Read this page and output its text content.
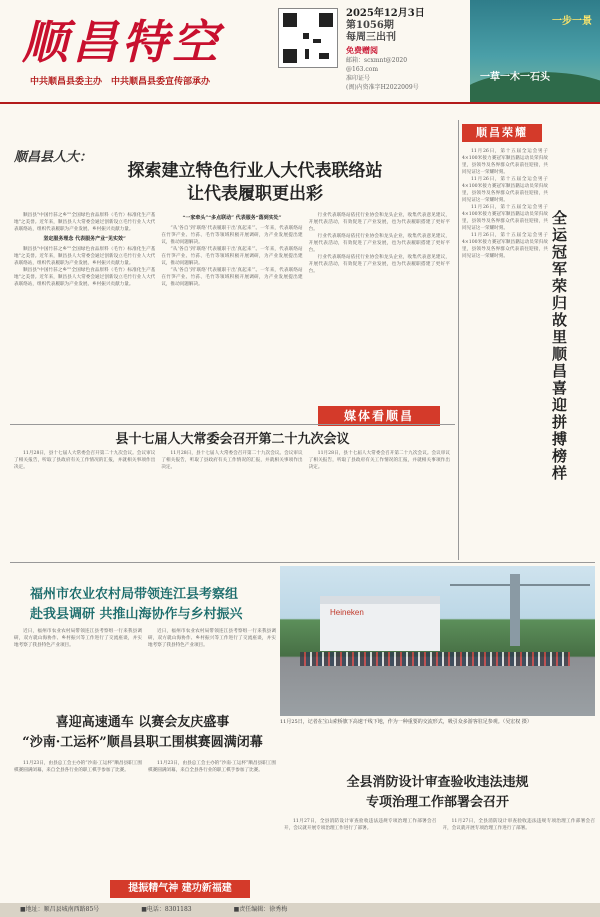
顺昌特空
中共顺昌县委主办　中共顺昌县委宣传部承办
2025年12月3日
第1056期
每周三出刊
免费赠阅
邮箱：scxmnt@2020
@163.com
准印证号
(闽)内资准字H2022009号
一步一景
一草一木一石头
顺昌县人大：
探索建立特色行业人大代表联络站
让代表履职更出彩

顺昌县"中国竹荪之乡""全国绿色食品原料（毛竹）标准化生产基地"之美誉。近年来，顺昌县人大常委会通过创新设立毛竹行业人大代表联络站，组织代表履职为产业发展、乡村振兴贡献力量。

坚定服务理念 代表服务产业“见实效”

顺昌县"中国竹荪之乡""全国绿色食品原料（毛竹）标准化生产基地"之美誉。近年来，顺昌县人大常委会通过创新设立毛竹行业人大代表联络站，组织代表履职为产业发展、乡村振兴贡献力量。

顺昌县"中国竹荪之乡""全国绿色食品原料（毛竹）标准化生产基地"之美誉。近年来，顺昌县人大常委会通过创新设立毛竹行业人大代表联络站，组织代表履职为产业发展、乡村振兴贡献力量。

“一家牵头”“多点联动” 代表服务“落到实处”

“从‘各自’到‘联络’代表履职干出‘真起来’”。一年来，代表联络站在竹笋产业、竹荪、毛竹等领域积极开展调研，为产业发展提出建议，推动问题解决。

“从‘各自’到‘联络’代表履职干出‘真起来’”。一年来，代表联络站在竹笋产业、竹荪、毛竹等领域积极开展调研，为产业发展提出建议，推动问题解决。

“从‘各自’到‘联络’代表履职干出‘真起来’”。一年来，代表联络站在竹笋产业、竹荪、毛竹等领域积极开展调研，为产业发展提出建议，推动问题解决。

行业代表联络站依托行业协会和龙头企业，收集代表意见建议，开展代表活动，有效促进了产业发展，也为代表履职搭建了更好平台。

行业代表联络站依托行业协会和龙头企业，收集代表意见建议，开展代表活动，有效促进了产业发展，也为代表履职搭建了更好平台。

行业代表联络站依托行业协会和龙头企业，收集代表意见建议，开展代表活动，有效促进了产业发展，也为代表履职搭建了更好平台。

媒体看顺昌
县十七届人大常委会召开第二十九次会议

11月28日，县十七届人大常委会召开第二十九次会议。会议审议了相关报告，听取了县政府有关工作情况的汇报，并就相关事项作出决定。

11月28日，县十七届人大常委会召开第二十九次会议。会议审议了相关报告，听取了县政府有关工作情况的汇报，并就相关事项作出决定。

11月28日，县十七届人大常委会召开第二十九次会议。会议审议了相关报告，听取了县政府有关工作情况的汇报，并就相关事项作出决定。

福州市农业农村局带领连江县考察组
赴我县调研 共推山海协作与乡村振兴

近日，福州市农业农村局带领连江县考察组一行来我县调研，双方就山海协作、乡村振兴等工作进行了交流座谈，并实地考察了我县特色产业项目。

近日，福州市农业农村局带领连江县考察组一行来我县调研，双方就山海协作、乡村振兴等工作进行了交流座谈，并实地考察了我县特色产业项目。

Heineken
11月25日，记者在宝山索桥旗下高速干线下地，作为一种重要的交流形式，吸引众多游客驻足参观。（吴宏权 摄）
喜迎高速通车 以赛会友庆盛事
“沙南·工运杯”顺昌县职工围棋赛圆满闭幕

11月23日，由县总工会主办的“沙南·工运杯”顺昌县职工围棋赛圆满闭幕，来自全县各行业的职工棋手参加了比赛。

11月23日，由县总工会主办的“沙南·工运杯”顺昌县职工围棋赛圆满闭幕，来自全县各行业的职工棋手参加了比赛。

提振精气神 建功新福建
全县消防设计审查验收违法违规
专项治理工作部署会召开

11月27日，全县消防设计审查验收违法违规专项治理工作部署会召开，会议就开展专项治理工作进行了部署。

11月27日，全县消防设计审查验收违法违规专项治理工作部署会召开，会议就开展专项治理工作进行了部署。

顺昌荣耀

11月26日，第十五届全运会男子4×100米接力赛冠军顺昌籍运动员荣归故里，县领导及各界群众代表前往迎接，共同见证这一荣耀时刻。

11月26日，第十五届全运会男子4×100米接力赛冠军顺昌籍运动员荣归故里，县领导及各界群众代表前往迎接，共同见证这一荣耀时刻。

11月26日，第十五届全运会男子4×100米接力赛冠军顺昌籍运动员荣归故里，县领导及各界群众代表前往迎接，共同见证这一荣耀时刻。

11月26日，第十五届全运会男子4×100米接力赛冠军顺昌籍运动员荣归故里，县领导及各界群众代表前往迎接，共同见证这一荣耀时刻。

全运冠军荣归故里 顺昌喜迎拼搏榜样
■地址：顺昌县城南西路85号	■电话：8301183	■责任编辑：徐秀梅
